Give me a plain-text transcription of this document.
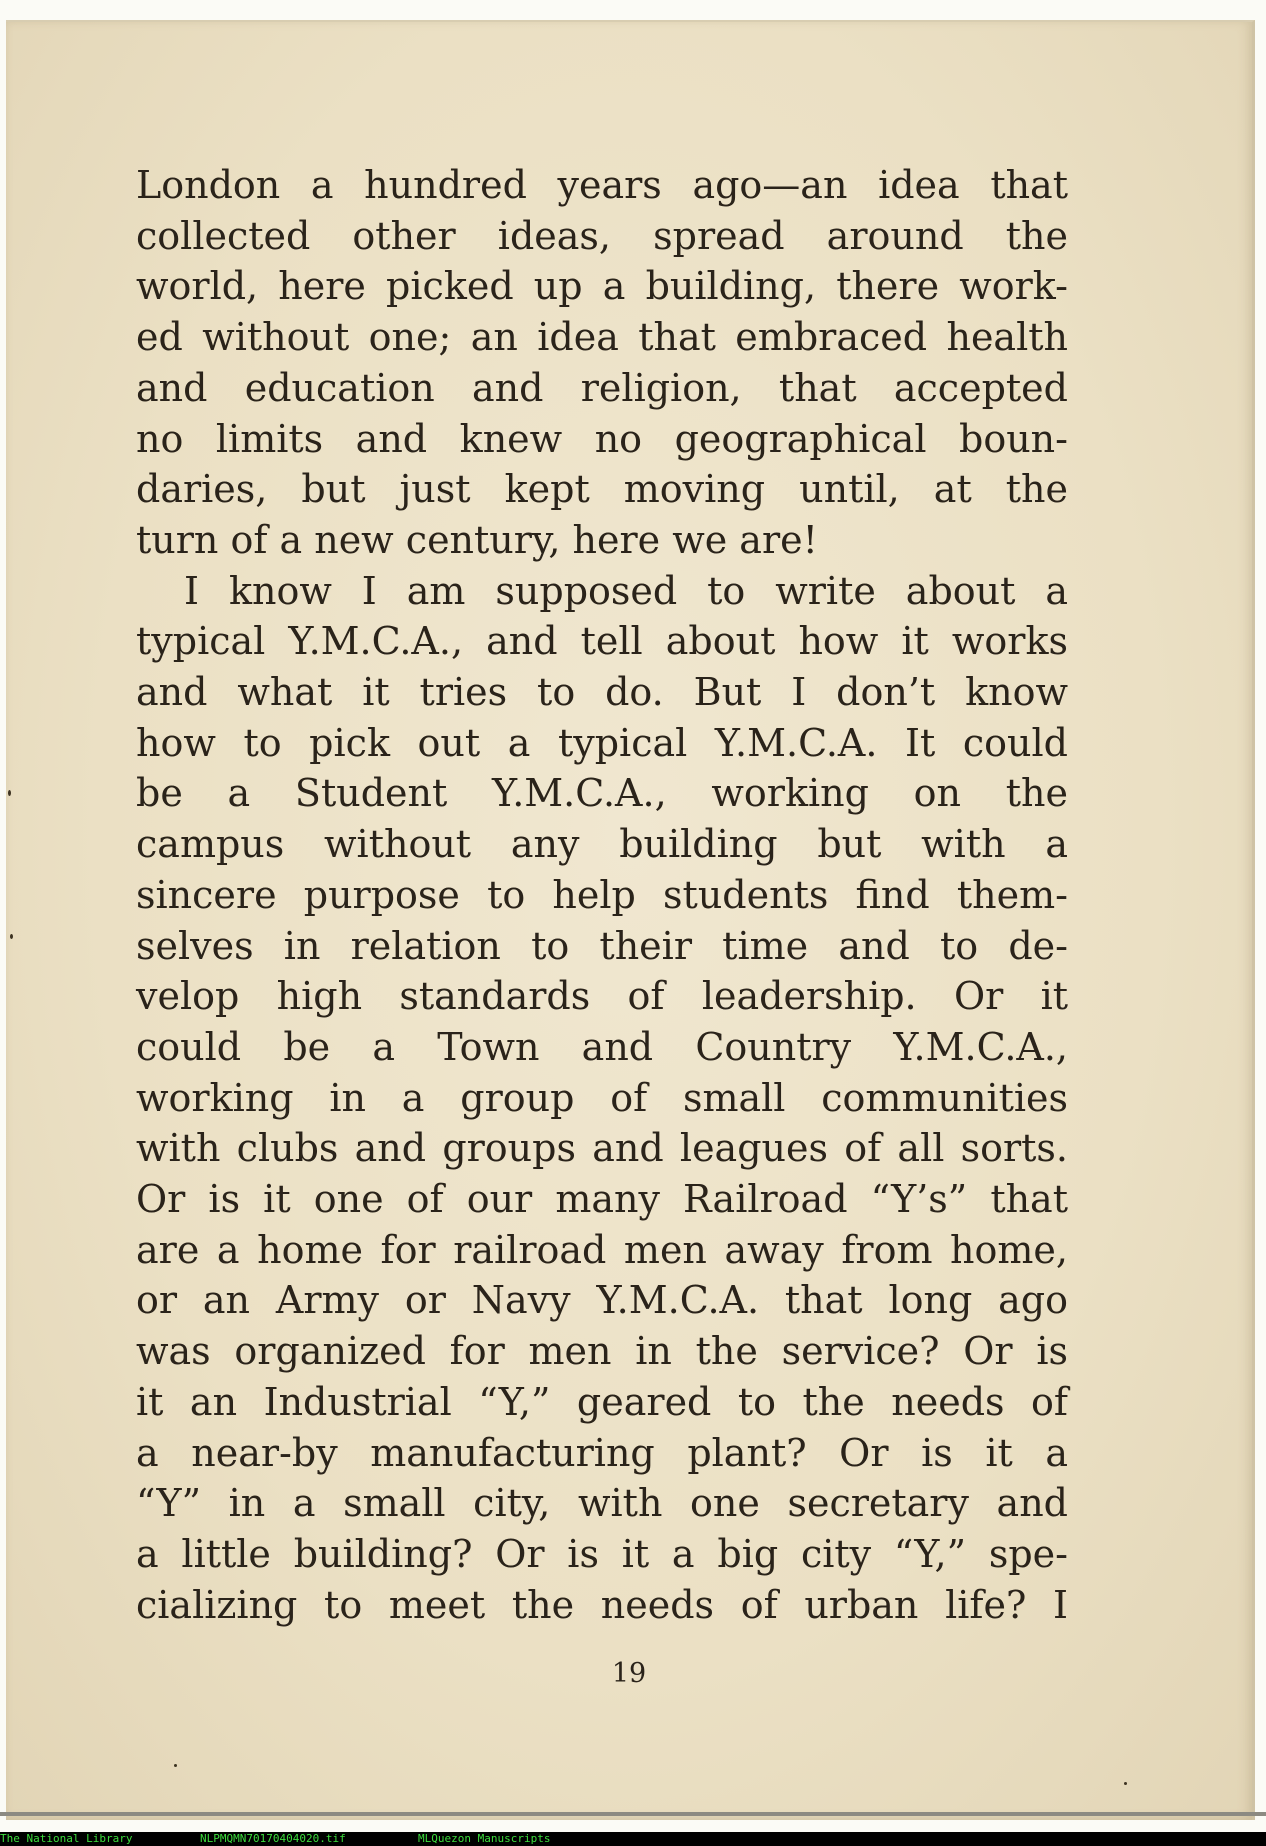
London a hundred years ago—an idea that
collected other ideas, spread around the
world, here picked up a building, there work-
ed without one; an idea that embraced health
and education and religion, that accepted
no limits and knew no geographical boun-
daries, but just kept moving until, at the
turn of a new century, here we are!
I know I am supposed to write about a
typical Y.M.C.A., and tell about how it works
and what it tries to do. But I don’t know
how to pick out a typical Y.M.C.A. It could
be a Student Y.M.C.A., working on the
campus without any building but with a
sincere purpose to help students find them-
selves in relation to their time and to de-
velop high standards of leadership. Or it
could be a Town and Country Y.M.C.A.,
working in a group of small communities
with clubs and groups and leagues of all sorts.
Or is it one of our many Railroad “Y’s” that
are a home for railroad men away from home,
or an Army or Navy Y.M.C.A. that long ago
was organized for men in the service? Or is
it an Industrial “Y,” geared to the needs of
a near-by manufacturing plant? Or is it a
“Y” in a small city, with one secretary and
a little building? Or is it a big city “Y,” spe-
cializing to meet the needs of urban life? I
19
The National Library	NLPMQMN70170404020.tif	MLQuezon Manuscripts
